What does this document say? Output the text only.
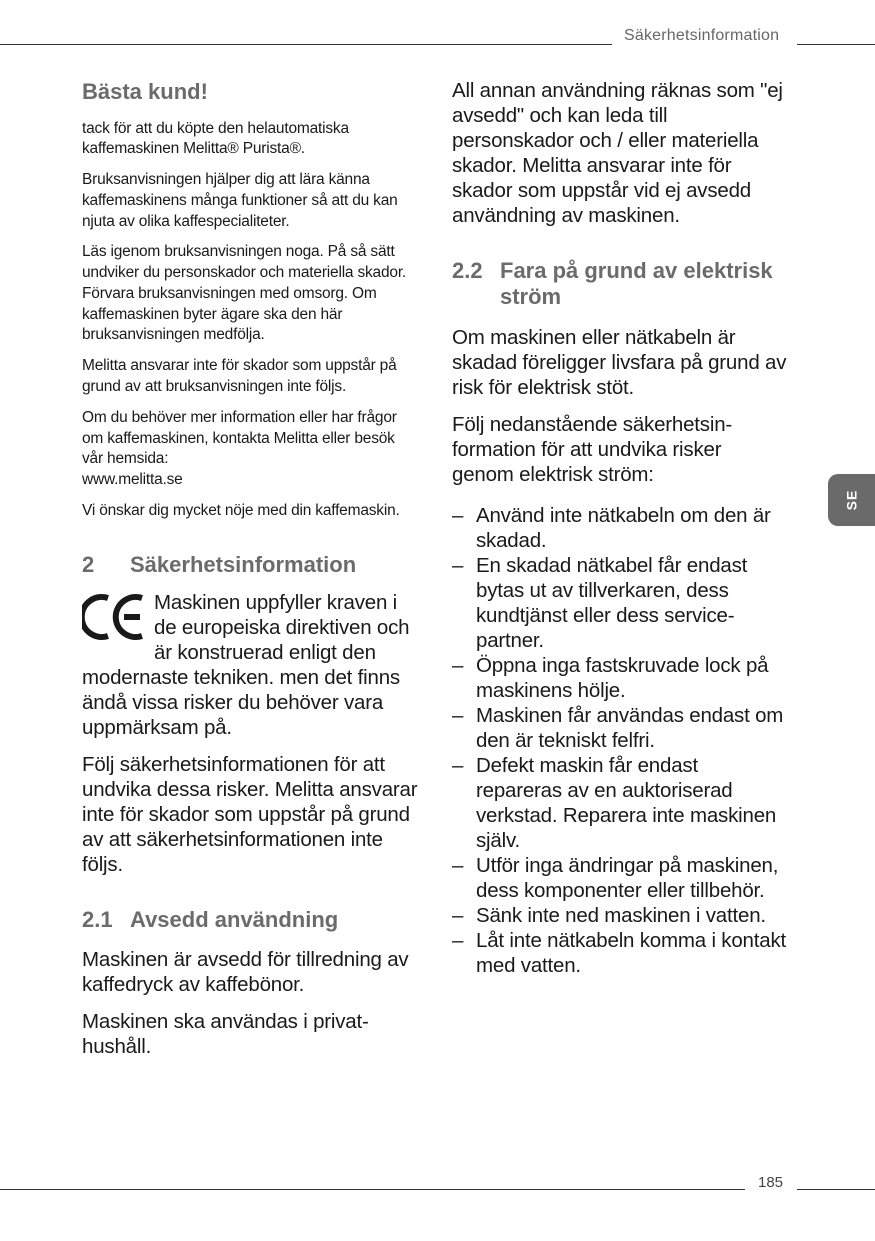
Säkerhetsinformation
SE
Bästa kund!

tack för att du köpte den helautomatiska kaffemaskinen Melitta® Purista®.

Bruksanvisningen hjälper dig att lära känna kaffemaskinens många funktioner så att du kan njuta av olika kaffespecialiteter.

Läs igenom bruksanvisningen noga. På så sätt undviker du personskador och materiella skador. Förvara bruksanvisningen med omsorg. Om kaffemaskinen byter ägare ska den här bruksanvisningen medfölja.

Melitta ansvarar inte för skador som uppstår på grund av att bruksanvisningen inte följs.

Om du behöver mer information eller har frågor om kaffemaskinen, kontakta Melitta eller besök vår hemsida:
www.melitta.se

Vi önskar dig mycket nöje med din kaffemaskin.

2	Säkerhetsinformation

Maskinen uppfyller kraven i de europeiska direktiven och är konstruerad enligt den modernaste tekniken. men det finns ändå vissa risker du behöver vara uppmärksam på.

Följ säkerhetsinformationen för att undvika dessa risker. Melitta ansvarar inte för skador som uppstår på grund av att säkerhetsinformationen inte följs.

2.1 Avsedd användning

Maskinen är avsedd för tillredning av kaffedryck av kaffebönor.

Maskinen ska användas i privathushåll.

All annan användning räknas som "ej avsedd" och kan leda till personskador och / eller materiella skador. Melitta ansvarar inte för skador som uppstår vid ej avsedd användning av maskinen.

2.2 Fara på grund av elektrisk ström

Om maskinen eller nätkabeln är skadad föreligger livsfara på grund av risk för elektrisk stöt.

Följ nedanstående säkerhetsinformation för att undvika risker genom elektrisk ström:

– Använd inte nätkabeln om den är skadad.
– En skadad nätkabel får endast bytas ut av tillverkaren, dess kundtjänst eller dess servicepartner.
– Öppna inga fastskruvade lock på maskinens hölje.
– Maskinen får användas endast om den är tekniskt felfri.
– Defekt maskin får endast repareras av en auktoriserad verkstad. Reparera inte maskinen själv.
– Utför inga ändringar på maskinen, dess komponenter eller tillbehör.
– Sänk inte ned maskinen i vatten.
– Låt inte nätkabeln komma i kontakt med vatten.
185
